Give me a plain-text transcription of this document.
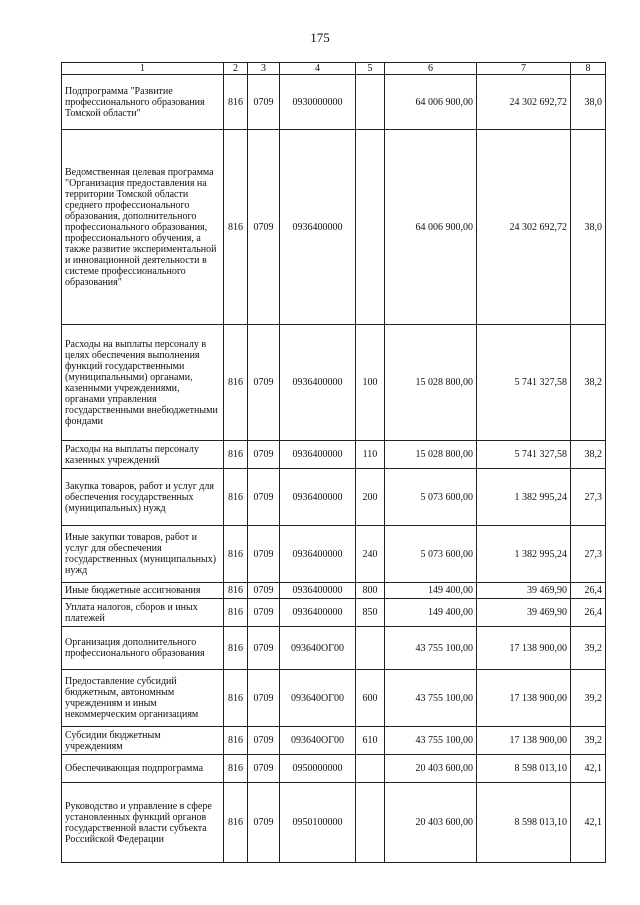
175
1	2	3	4	5	6	7	8
Подпрограмма "Развитие профессионального образования Томской области"	816	0709	0930000000		64 006 900,00	24 302 692,72	38,0
Ведомственная целевая программа "Организация предоставления на территории Томской области среднего профессионального образования, дополнительного профессионального образования, профессионального обучения, а также развитие экспериментальной и инновационной деятельности в системе профессионального образования"	816	0709	0936400000		64 006 900,00	24 302 692,72	38,0
Расходы на выплаты персоналу в целях обеспечения выполнения функций государственными (муниципальными) органами, казенными учреждениями, органами управления государственными внебюджетными фондами	816	0709	0936400000	100	15 028 800,00	5 741 327,58	38,2
Расходы на выплаты персоналу казенных учреждений	816	0709	0936400000	110	15 028 800,00	5 741 327,58	38,2
Закупка товаров, работ и услуг для обеспечения государственных (муниципальных) нужд	816	0709	0936400000	200	5 073 600,00	1 382 995,24	27,3
Иные закупки товаров, работ и услуг для обеспечения государственных (муниципальных) нужд	816	0709	0936400000	240	5 073 600,00	1 382 995,24	27,3
Иные бюджетные ассигнования	816	0709	0936400000	800	149 400,00	39 469,90	26,4
Уплата налогов, сборов и иных платежей	816	0709	0936400000	850	149 400,00	39 469,90	26,4
Организация дополнительного профессионального образования	816	0709	093640ОГ00		43 755 100,00	17 138 900,00	39,2
Предоставление субсидий бюджетным, автономным учреждениям и иным некоммерческим организациям	816	0709	093640ОГ00	600	43 755 100,00	17 138 900,00	39,2
Субсидии бюджетным учреждениям	816	0709	093640ОГ00	610	43 755 100,00	17 138 900,00	39,2
Обеспечивающая подпрограмма	816	0709	0950000000		20 403 600,00	8 598 013,10	42,1
Руководство и управление в сфере установленных функций органов государственной власти субъекта Российской Федерации	816	0709	0950100000		20 403 600,00	8 598 013,10	42,1
